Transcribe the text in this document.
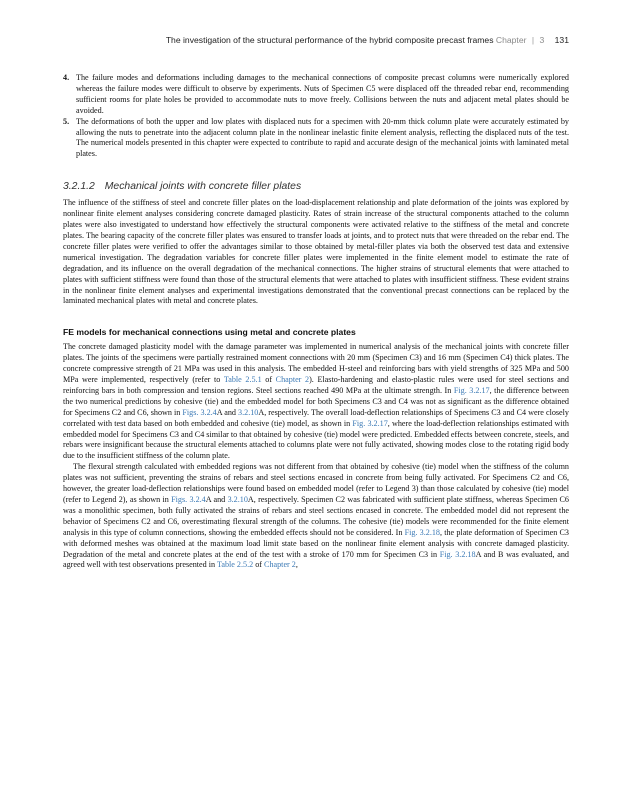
The investigation of the structural performance of the hybrid composite precast frames Chapter | 3 131
4. The failure modes and deformations including damages to the mechanical connections of composite precast columns were numerically explored whereas the failure modes were difficult to observe by experiments. Nuts of Specimen C5 were displaced off the threaded rebar end, recommending sufficient rooms for plate holes be provided to accommodate nuts to move freely. Collisions between the nuts and adjacent metal plates should be avoided.
5. The deformations of both the upper and low plates with displaced nuts for a specimen with 20-mm thick column plate were accurately estimated by allowing the nuts to penetrate into the adjacent column plate in the nonlinear inelastic finite element analysis, reflecting the displaced nuts of the test. The numerical models presented in this chapter were expected to contribute to rapid and accurate design of the mechanical joints with laminated metal plates.
3.2.1.2 Mechanical joints with concrete filler plates

The influence of the stiffness of steel and concrete filler plates on the load-displacement relationship and plate deformation of the joints was explored by nonlinear finite element analyses considering concrete damaged plasticity. Rates of strain increase of the structural components attached to the column plates were also investigated to understand how effectively the structural components were activated relative to the stiffness of the metal and concrete plates. The bearing capacity of the concrete filler plates was ensured to transfer loads at joints, and to protect nuts that were threaded on the rebar end. The concrete filler plates were verified to offer the advantages similar to those obtained by metal-filler plates via both the observed test data and extensive numerical investigation. The degradation variables for concrete filler plates were implemented in the finite element model to estimate the rate of degradation, and its influence on the overall degradation of the mechanical connections. The higher strains of structural elements that were attached to plates with sufficient stiffness were found than those of the structural elements that were attached to plates with insufficient stiffness. These evident strains in the nonlinear finite element analyses and experimental investigations demonstrated that the conventional precast connections can be replaced by the laminated mechanical plates with metal and concrete plates.

FE models for mechanical connections using metal and concrete plates

The concrete damaged plasticity model with the damage parameter was implemented in numerical analysis of the mechanical joints with concrete filler plates. The joints of the specimens were partially restrained moment connections with 20 mm (Specimen C3) and 16 mm (Specimen C4) thick plates. The concrete compressive strength of 21 MPa was used in this analysis. The embedded H-steel and reinforcing bars with yield strengths of 325 MPa and 500 MPa were implemented, respectively (refer to Table 2.5.1 of Chapter 2). Elasto-hardening and elasto-plastic rules were used for steel sections and reinforcing bars in both compression and tension regions. Steel sections reached 490 MPa at the ultimate strength. In Fig. 3.2.17, the difference between the two numerical predictions by cohesive (tie) and the embedded model for both Specimens C3 and C4 was not as significant as the difference obtained for Specimens C2 and C6, shown in Figs. 3.2.4A and 3.2.10A, respectively. The overall load-deflection relationships of Specimens C3 and C4 were closely correlated with test data based on both embedded and cohesive (tie) model, as shown in Fig. 3.2.17, where the load-deflection relationships estimated with embedded model for Specimens C3 and C4 similar to that obtained by cohesive (tie) model were predicted. Embedded effects between concrete, steels, and rebars were insignificant because the structural elements attached to columns plate were not fully activated, showing modes close to the rotating rigid body due to the insufficient stiffness of the column plate.

The flexural strength calculated with embedded regions was not different from that obtained by cohesive (tie) model when the stiffness of the column plates was not sufficient, preventing the strains of rebars and steel sections encased in concrete from being fully activated. For Specimens C2 and C6, however, the greater load-deflection relationships were found based on embedded model (refer to Legend 3) than those calculated by cohesive (tie) model (refer to Legend 2), as shown in Figs. 3.2.4A and 3.2.10A, respectively. Specimen C2 was fabricated with sufficient plate stiffness, whereas Specimen C6 was a monolithic specimen, both fully activated the strains of rebars and steel sections encased in concrete. The embedded model did not represent the behavior of Specimens C2 and C6, overestimating flexural strength of the columns. The cohesive (tie) models were recommended for the finite element analysis in this type of column connections, showing the embedded effects should not be considered. In Fig. 3.2.18, the plate deformation of Specimen C3 with deformed meshes was obtained at the maximum load limit state based on the nonlinear finite element analysis with concrete damaged plasticity. Degradation of the metal and concrete plates at the end of the test with a stroke of 170 mm for Specimen C3 in Fig. 3.2.18A and B was evaluated, and agreed well with test observations presented in Table 2.5.2 of Chapter 2,
